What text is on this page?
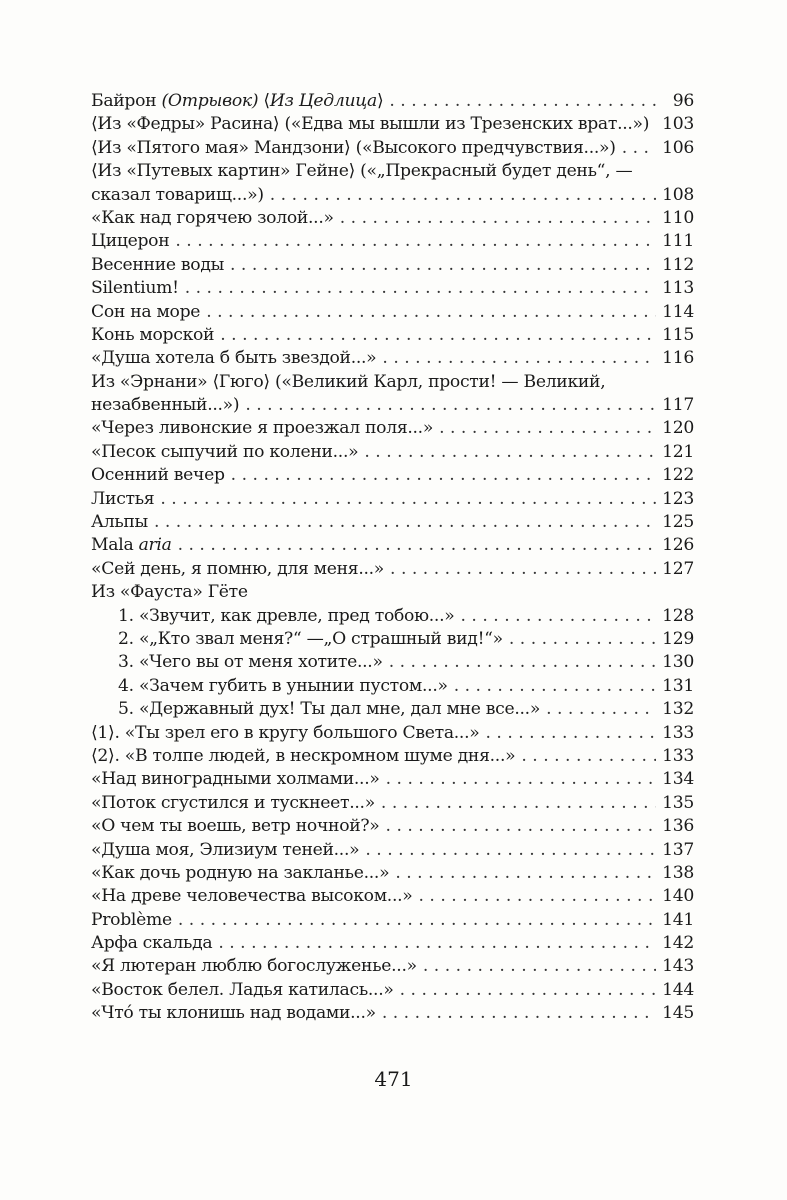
Байрон (Отрывок) ⟨Из Цедлица⟩ . . .	96
⟨Из «Федры» Расина⟩ («Едва мы вышли из Трезенских врат...») . . . 103
⟨Из «Пятого мая» Мандзони⟩ («Высокого предчувствия...») . . .	106
⟨Из «Путевых картин» Гейне⟩ («„Прекрасный будет день“, —
сказал товарищ...») . . .	108
«Как над горячею золой...» . . .	110
Цицерон . . .	111
Весенние воды . . .	112
Silentium! . . .	113
Сон на море . . .	114
Конь морской . . .	115
«Душа хотела б быть звездой...» . . .	116
Из «Эрнани» ⟨Гюго⟩ («Великий Карл, прости! — Великий,
незабвенный...») . . .	117
«Через ливонские я проезжал поля...» . . .	120
«Песок сыпучий по колени...» . . .	121
Осенний вечер . . .	122
Листья . . .	123
Альпы . . .	125
Mala aria . . .	126
«Сей день, я помню, для меня...» . . .	127
Из «Фауста» Гёте
1. «Звучит, как древле, пред тобою...» . . .	128
2. «„Кто звал меня?“ —„О страшный вид!“» . . .	129
3. «Чего вы от меня хотите...» . . .	130
4. «Зачем губить в унынии пустом...» . . .	131
5. «Державный дух! Ты дал мне, дал мне все...» . . .	132
⟨1⟩. «Ты зрел его в кругу большого Света...» . . .	133
⟨2⟩. «В толпе людей, в нескромном шуме дня...» . . .	133
«Над виноградными холмами...» . . .	134
«Поток сгустился и тускнеет...» . . .	135
«О чем ты воешь, ветр ночной?» . . .	136
«Душа моя, Элизиум теней...» . . .	137
«Как дочь родную на закланье...» . . .	138
«На древе человечества высоком...» . . .	140
Problème . . .	141
Арфа скальда . . .	142
«Я лютеран люблю богослуженье...» . . .	143
«Восток белел. Ладья катилась...» . . .	144
«Что́ ты клонишь над водами...» . . .	145
471
